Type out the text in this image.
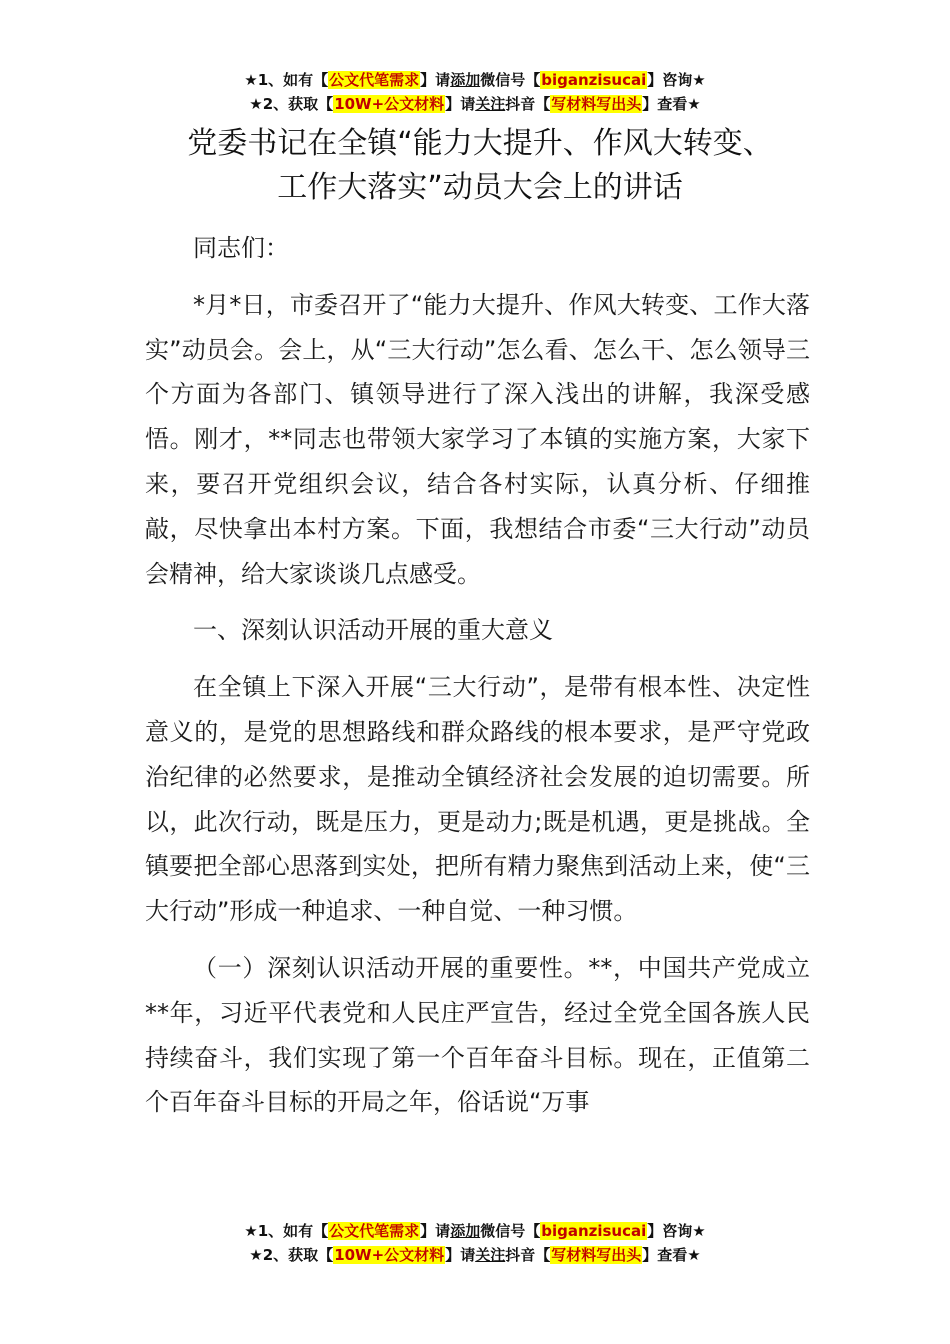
★1、如有【公文代笔需求】请添加微信号【biganzisucai】咨询★
★2、获取【10W+公文材料】请关注抖音【写材料写出头】查看★
党委书记在全镇“能力大提升、作风大转变、
工作大落实”动员大会上的讲话

同志们：

*月*日，市委召开了“能力大提升、作风大转变、工作大落实”动员会。会上，从“三大行动”怎么看、怎么干、怎么领导三个方面为各部门、镇领导进行了深入浅出的讲解，我深受感悟。刚才，**同志也带领大家学习了本镇的实施方案，大家下来，要召开党组织会议，结合各村实际，认真分析、仔细推敲，尽快拿出本村方案。下面，我想结合市委“三大行动”动员会精神，给大家谈谈几点感受。

一、深刻认识活动开展的重大意义

在全镇上下深入开展“三大行动”，是带有根本性、决定性意义的，是党的思想路线和群众路线的根本要求，是严守党政治纪律的必然要求，是推动全镇经济社会发展的迫切需要。所以，此次行动，既是压力，更是动力;既是机遇，更是挑战。全镇要把全部心思落到实处，把所有精力聚焦到活动上来，使“三大行动”形成一种追求、一种自觉、一种习惯。

（一）深刻认识活动开展的重要性。**，中国共产党成立**年，习近平代表党和人民庄严宣告，经过全党全国各族人民持续奋斗，我们实现了第一个百年奋斗目标。现在，正值第二个百年奋斗目标的开局之年，俗话说“万事

★1、如有【公文代笔需求】请添加微信号【biganzisucai】咨询★
★2、获取【10W+公文材料】请关注抖音【写材料写出头】查看★
